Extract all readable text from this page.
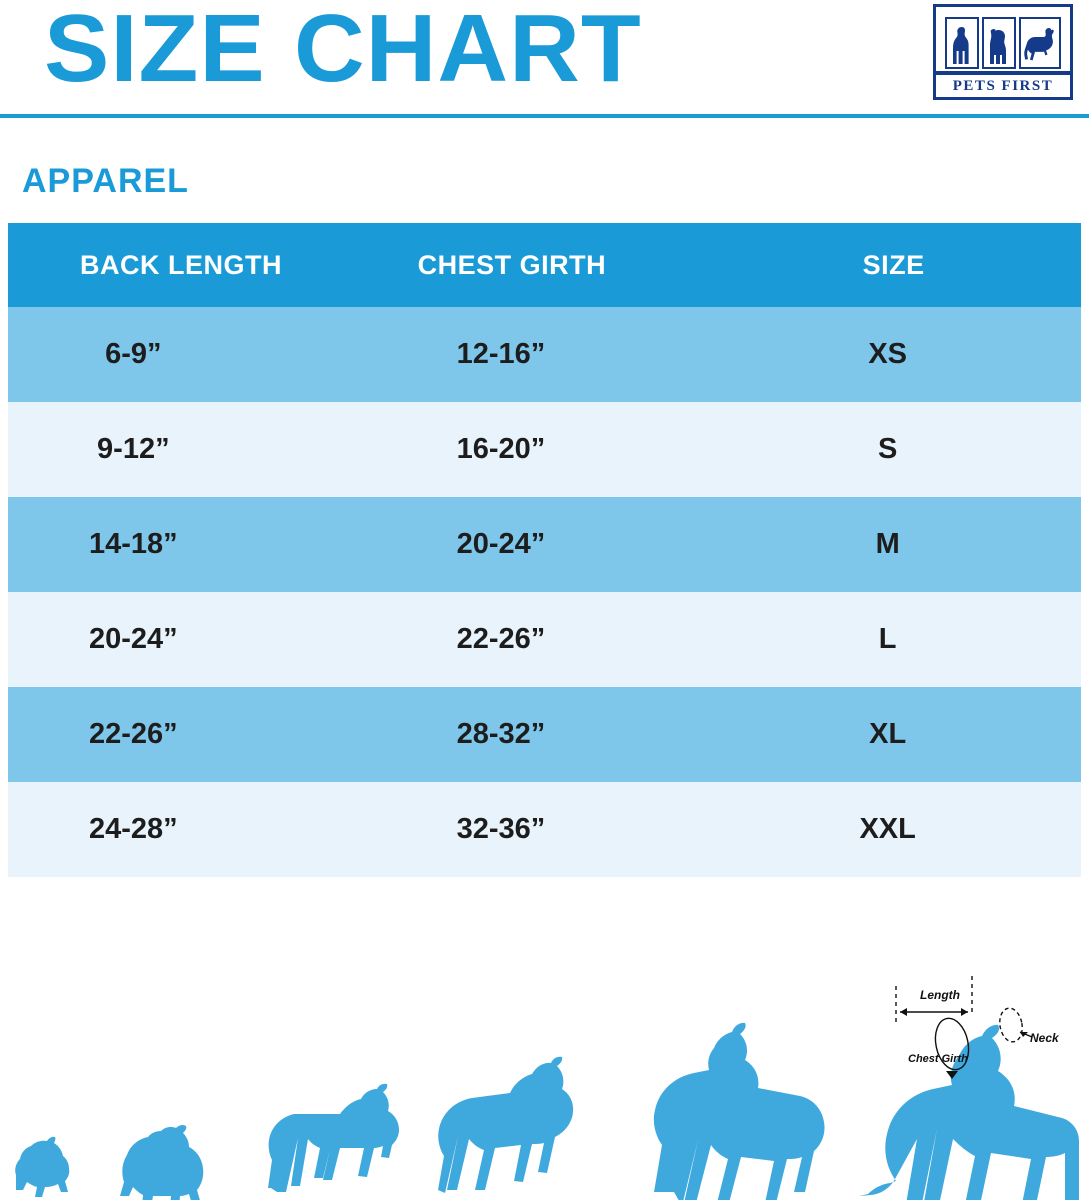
SIZE CHART	PETS FIRST
APPAREL
BACK LENGTH	CHEST GIRTH	SIZE
6-9”	12-16”	XS
9-12”	16-20”	S
14-18”	20-24”	M
20-24”	22-26”	L
22-26”	28-32”	XL
24-28”	32-36”	XXL
Length
Neck
Chest Girth
